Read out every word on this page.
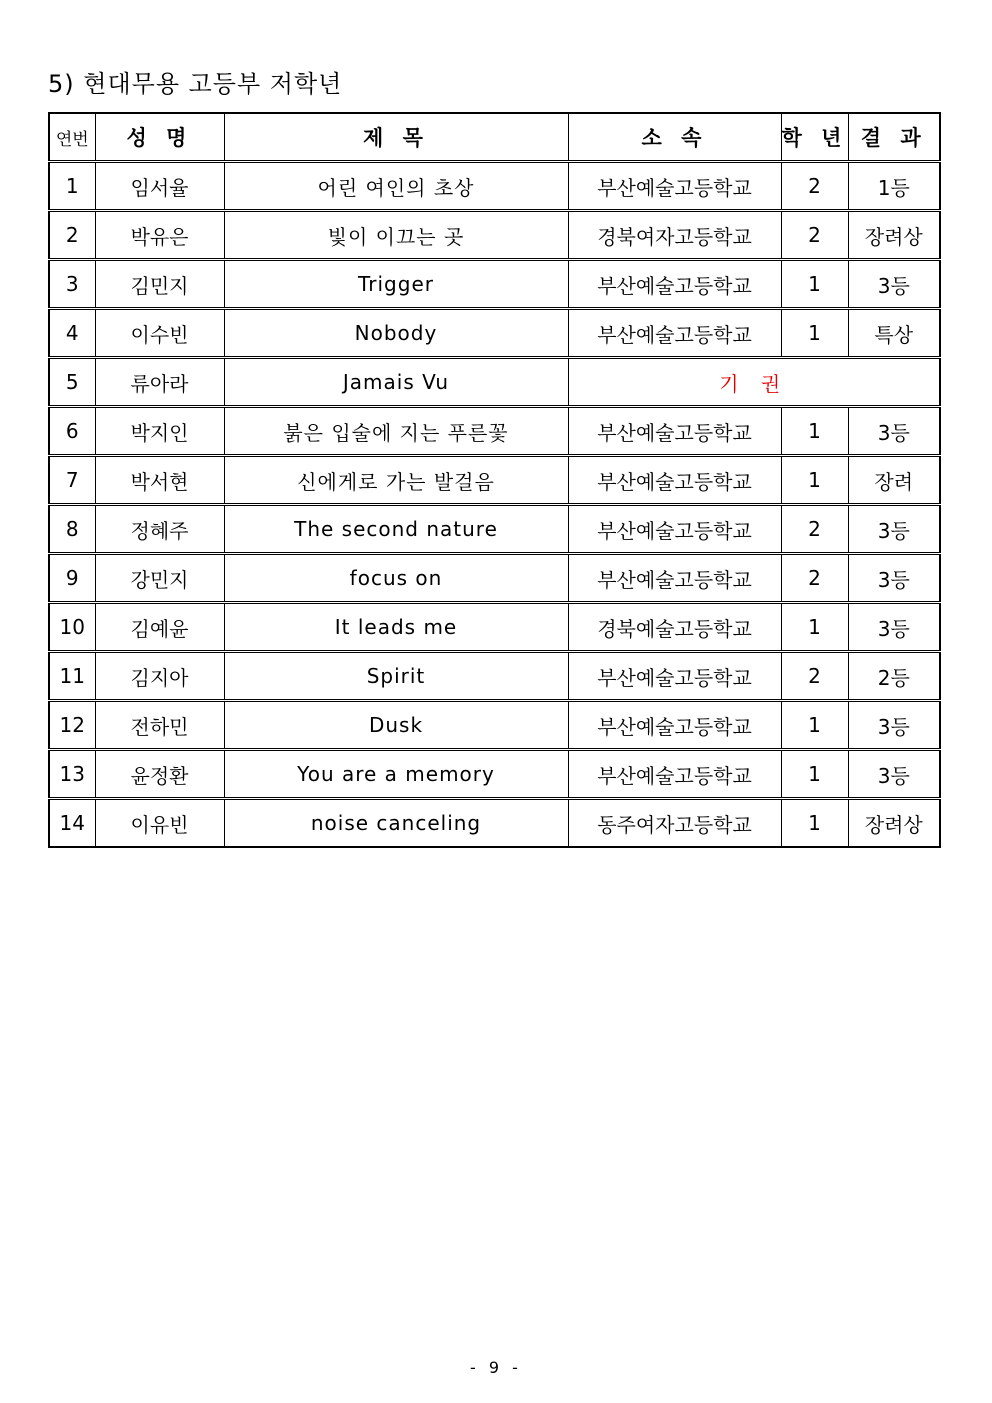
5) 현대무용 고등부 저학년
연번	성 명	제 목	소 속	학 년	결 과
1	임서율	어린 여인의 초상	부산예술고등학교	2	1등
2	박유은	빛이 이끄는 곳	경북여자고등학교	2	장려상
3	김민지	Trigger	부산예술고등학교	1	3등
4	이수빈	Nobody	부산예술고등학교	1	특상
5	류아라	Jamais Vu	기 권		
6	박지인	붉은 입술에 지는 푸른꽃	부산예술고등학교	1	3등
7	박서현	신에게로 가는 발걸음	부산예술고등학교	1	장려
8	정혜주	The second nature	부산예술고등학교	2	3등
9	강민지	focus on	부산예술고등학교	2	3등
10	김예윤	It leads me	경북예술고등학교	1	3등
11	김지아	Spirit	부산예술고등학교	2	2등
12	전하민	Dusk	부산예술고등학교	1	3등
13	윤정환	You are a memory	부산예술고등학교	1	3등
14	이유빈	noise canceling	동주여자고등학교	1	장려상
- 9 -
